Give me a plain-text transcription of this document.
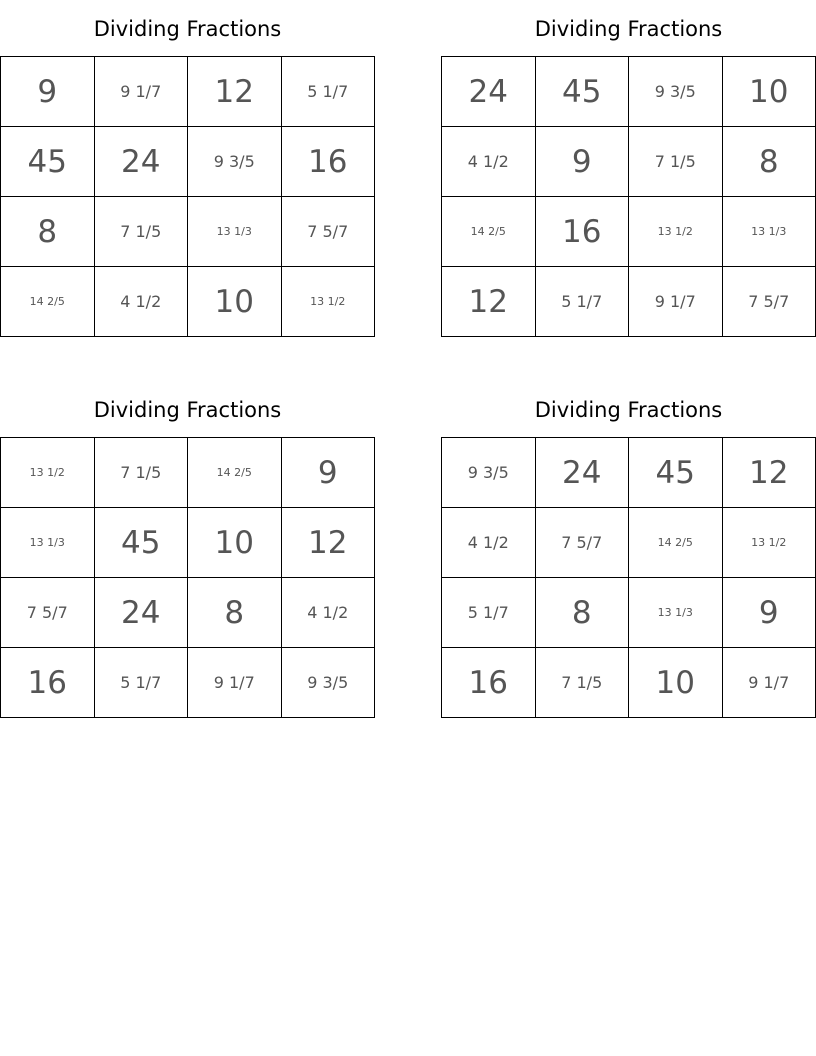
Dividing Fractions
9	9 1/7	12	5 1/7
45	24	9 3/5	16
8	7 1/5	13 1/3	7 5/7
14 2/5	4 1/2	10	13 1/2
Dividing Fractions
24	45	9 3/5	10
4 1/2	9	7 1/5	8
14 2/5	16	13 1/2	13 1/3
12	5 1/7	9 1/7	7 5/7
Dividing Fractions
13 1/2	7 1/5	14 2/5	9
13 1/3	45	10	12
7 5/7	24	8	4 1/2
16	5 1/7	9 1/7	9 3/5
Dividing Fractions
9 3/5	24	45	12
4 1/2	7 5/7	14 2/5	13 1/2
5 1/7	8	13 1/3	9
16	7 1/5	10	9 1/7
